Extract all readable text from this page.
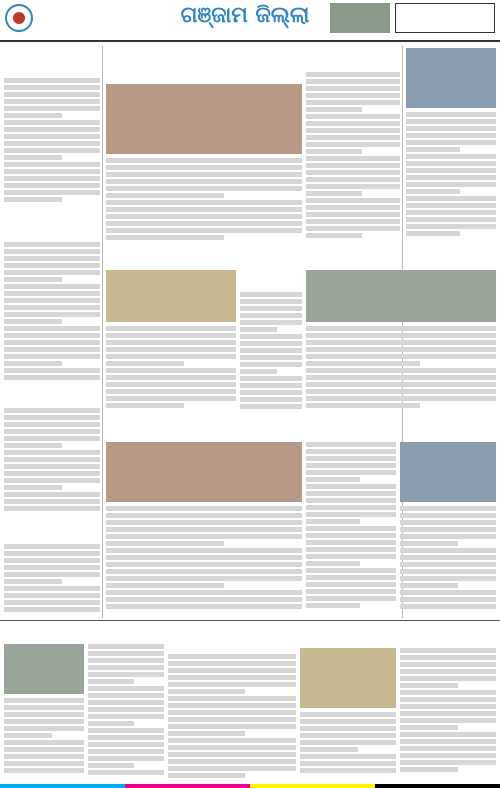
ଗଞ୍ଜାମ ଜିଲ୍ଲା
